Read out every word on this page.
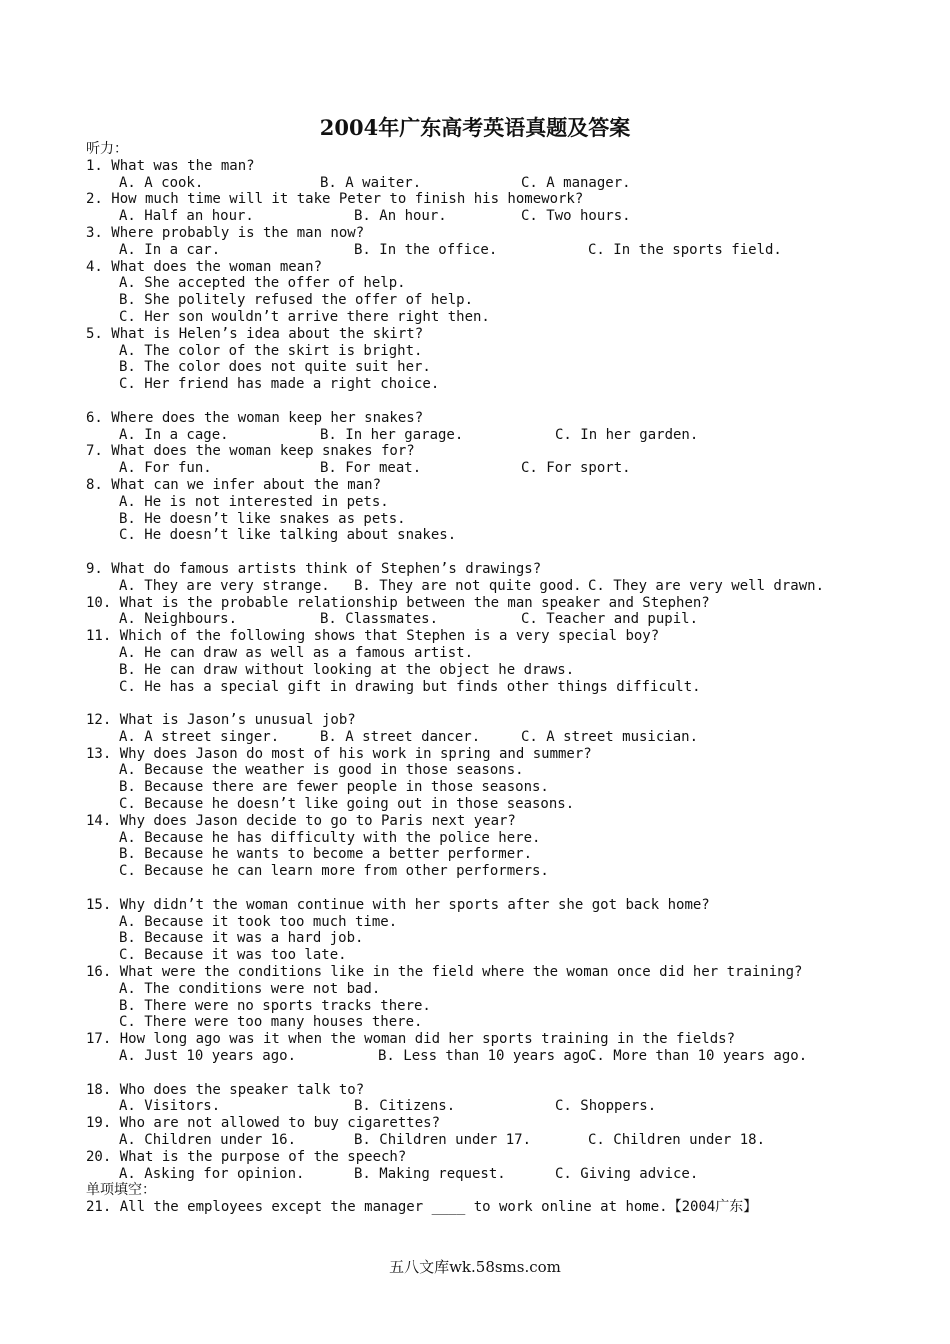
2004年广东高考英语真题及答案
听力：
1. What was the man?

A. A cook.

	B. A waiter.

	C. A manager.

2. How much time will it take Peter to finish his homework?

A. Half an hour.

	B. An hour.

	C. Two hours.

3. Where probably is the man now?

A. In a car.

	B. In the office.

	C. In the sports field.

4. What does the woman mean?
A. She accepted the offer of help.
B. She politely refused the offer of help.
C. Her son wouldn’t arrive there right then.
5. What is Helen’s idea about the skirt?
A. The color of the skirt is bright.
B. The color does not quite suit her.
C. Her friend has made a right choice.
6. Where does the woman keep her snakes?

A. In a cage.

	B. In her garage.

	C. In her garden.

7. What does the woman keep snakes for?

A. For fun.

	B. For meat.

	C. For sport.

8. What can we infer about the man?
A. He is not interested in pets.
B. He doesn’t like snakes as pets.
C. He doesn’t like talking about snakes.
9. What do famous artists think of Stephen’s drawings?

A. They are very strange.

B. They are not quite good.

C. They are very well drawn.

10. What is the probable relationship between the man speaker and Stephen?

A. Neighbours.

	B. Classmates.

	C. Teacher and pupil.

11. Which of the following shows that Stephen is a very special boy?
A. He can draw as well as a famous artist.
B. He can draw without looking at the object he draws.
C. He has a special gift in drawing but finds other things difficult.
12. What is Jason’s unusual job?

A. A street singer.

	B. A street dancer.

	C. A street musician.

13. Why does Jason do most of his work in spring and summer?
A. Because the weather is good in those seasons.
B. Because there are fewer people in those seasons.
C. Because he doesn’t like going out in those seasons.
14. Why does Jason decide to go to Paris next year?
A. Because he has difficulty with the police here.
B. Because he wants to become a better performer.
C. Because he can learn more from other performers.
15. Why didn’t the woman continue with her sports after she got back home?
A. Because it took too much time.
B. Because it was a hard job.
C. Because it was too late.
16. What were the conditions like in the field where the woman once did her training?
A. The conditions were not bad.
B. There were no sports tracks there.
C. There were too many houses there.
17. How long ago was it when the woman did her sports training in the fields?

A. Just 10 years ago.

	B. Less than 10 years ago.

C. More than 10 years ago.

18. Who does the speaker talk to?

A. Visitors.

	B. Citizens.

	C. Shoppers.

19. Who are not allowed to buy cigarettes?

A. Children under 16.

	B. Children under 17.

	C. Children under 18.

20. What is the purpose of the speech?

A. Asking for opinion.

	B. Making request.

	C. Giving advice.

单项填空：
21. All the employees except the manager ____ to work online at home.【2004广东】
五八文库wk.58sms.com
